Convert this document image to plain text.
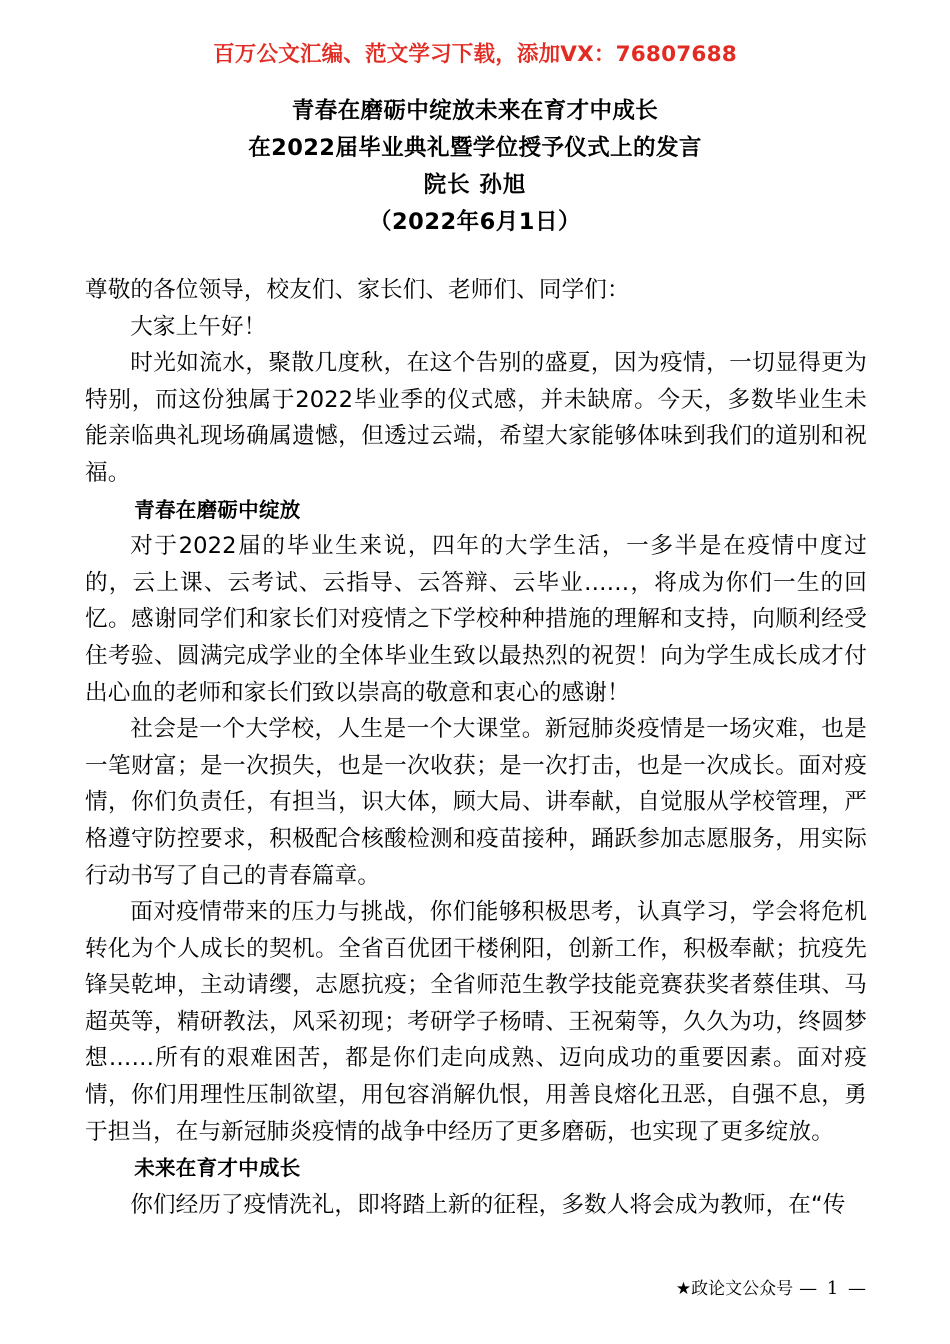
百万公文汇编、范文学习下载，添加VX：76807688
青春在磨砺中绽放未来在育才中成长
在2022届毕业典礼暨学位授予仪式上的发言
院长 孙旭
（2022年6月1日）

尊敬的各位领导，校友们、家长们、老师们、同学们：

大家上午好！

时光如流水，聚散几度秋，在这个告别的盛夏，因为疫情，一切显得更为特别，而这份独属于2022毕业季的仪式感，并未缺席。今天，多数毕业生未能亲临典礼现场确属遗憾，但透过云端，希望大家能够体味到我们的道别和祝福。

青春在磨砺中绽放

对于2022届的毕业生来说，四年的大学生活，一多半是在疫情中度过的，云上课、云考试、云指导、云答辩、云毕业……，将成为你们一生的回忆。感谢同学们和家长们对疫情之下学校种种措施的理解和支持，向顺利经受住考验、圆满完成学业的全体毕业生致以最热烈的祝贺！向为学生成长成才付出心血的老师和家长们致以崇高的敬意和衷心的感谢！

社会是一个大学校，人生是一个大课堂。新冠肺炎疫情是一场灾难，也是一笔财富；是一次损失，也是一次收获；是一次打击，也是一次成长。面对疫情，你们负责任，有担当，识大体，顾大局、讲奉献，自觉服从学校管理，严格遵守防控要求，积极配合核酸检测和疫苗接种，踊跃参加志愿服务，用实际行动书写了自己的青春篇章。

面对疫情带来的压力与挑战，你们能够积极思考，认真学习，学会将危机转化为个人成长的契机。全省百优团干楼俐阳，创新工作，积极奉献；抗疫先锋吴乾坤，主动请缨，志愿抗疫；全省师范生教学技能竞赛获奖者蔡佳琪、马超英等，精研教法，风采初现；考研学子杨晴、王祝菊等，久久为功，终圆梦想……所有的艰难困苦，都是你们走向成熟、迈向成功的重要因素。面对疫情，你们用理性压制欲望，用包容消解仇恨，用善良熔化丑恶，自强不息，勇于担当，在与新冠肺炎疫情的战争中经历了更多磨砺，也实现了更多绽放。

未来在育才中成长

你们经历了疫情洗礼，即将踏上新的征程，多数人将会成为教师，在“传

★政论文公众号 — 1 —
